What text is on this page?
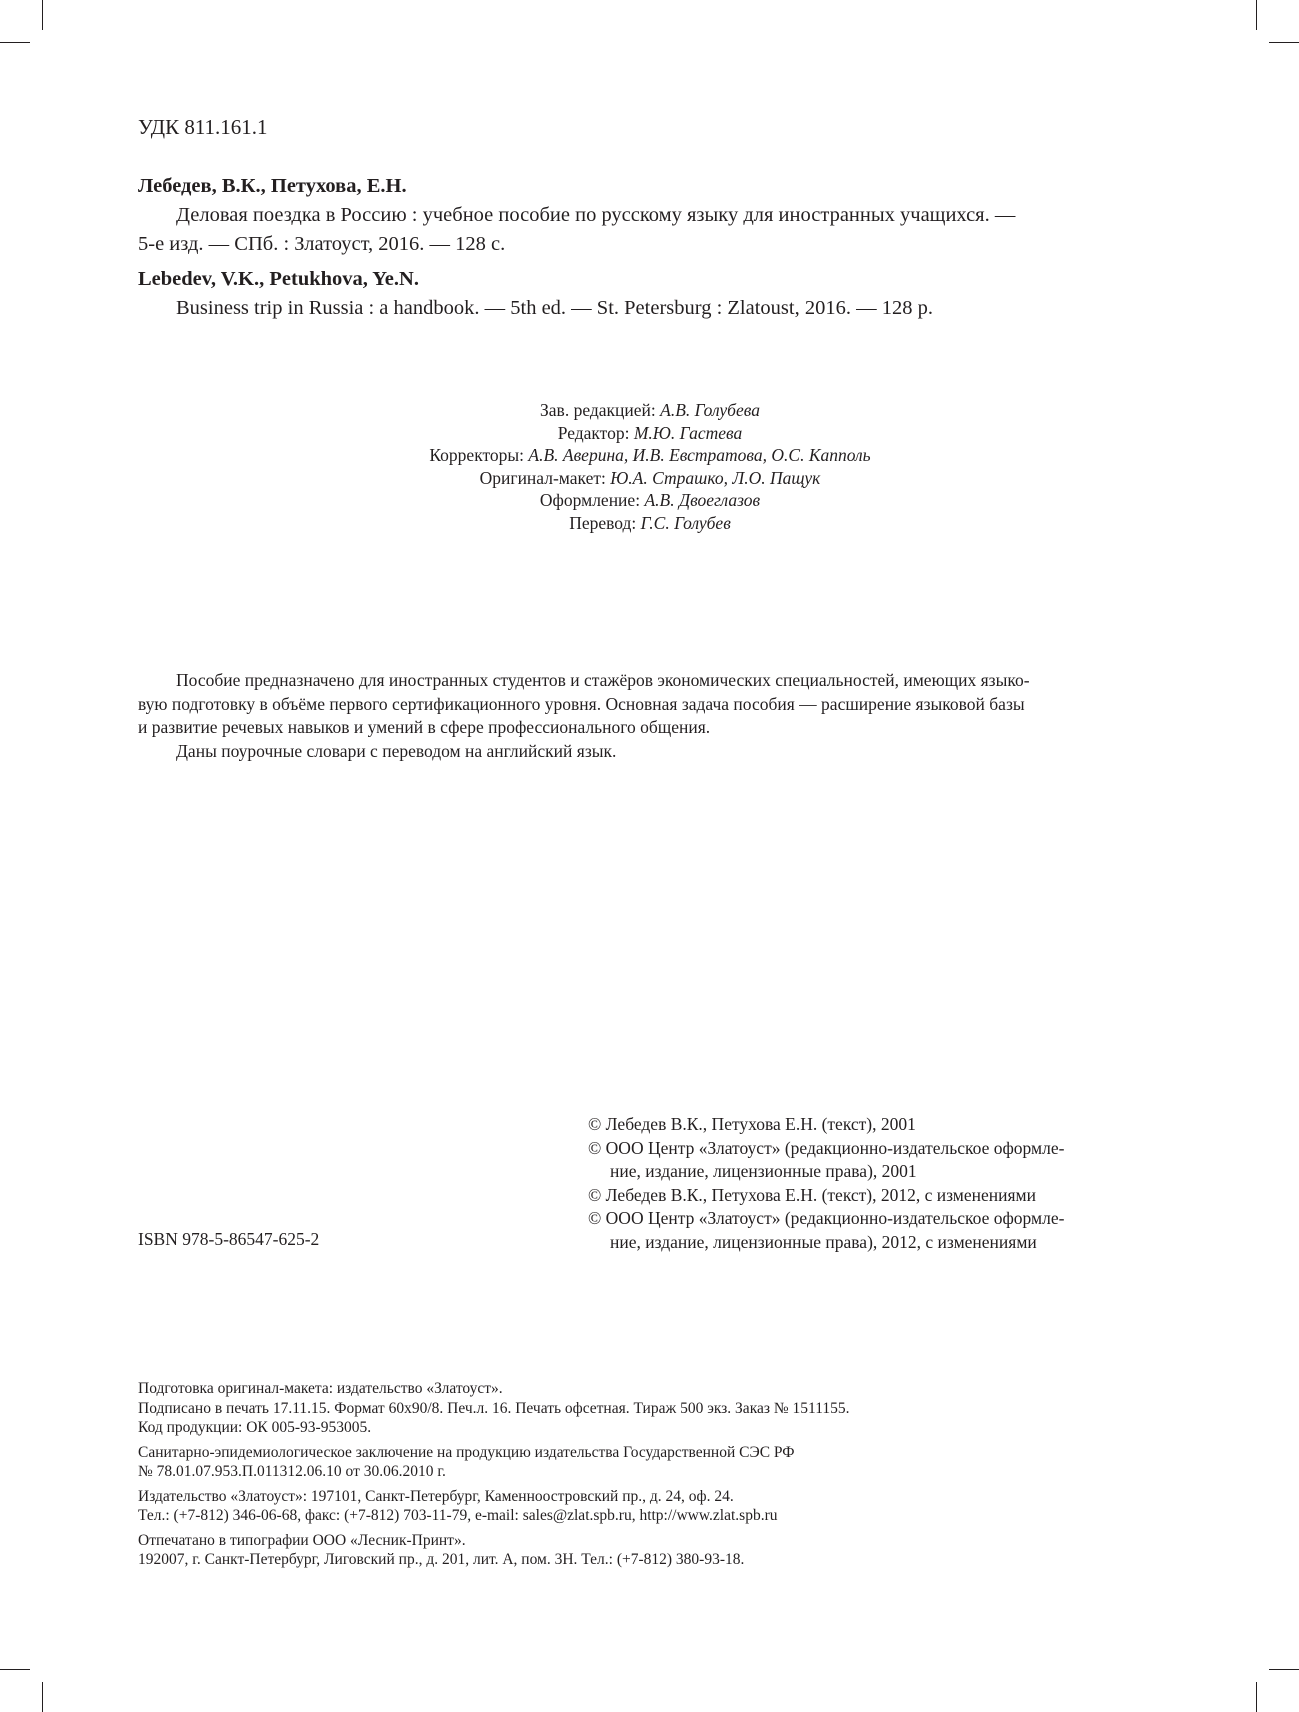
УДК 811.161.1
Лебедев, В.К., Петухова, Е.Н.
Деловая поездка в Россию : учебное пособие по русскому языку для иностранных учащихся. —
5-е изд. — СПб. : Златоуст, 2016. — 128 с.
Lebedev, V.K., Petukhova, Ye.N.
Business trip in Russia : a handbook. — 5th ed. — St. Petersburg : Zlatoust, 2016. — 128 p.
Зав. редакцией: А.В. Голубева
Редактор: М.Ю. Гастева
Корректоры: А.В. Аверина, И.В. Евстратова, О.С. Капполь
Оригинал-макет: Ю.А. Страшко, Л.О. Пащук
Оформление: А.В. Двоеглазов
Перевод: Г.С. Голубев
Пособие предназначено для иностранных студентов и стажёров экономических специальностей, имеющих языко-
вую подготовку в объёме первого сертификационного уровня. Основная задача пособия — расширение языковой базы
и развитие речевых навыков и умений в сфере профессионального общения.
Даны поурочные словари с переводом на английский язык.
© Лебедев В.К., Петухова Е.Н. (текст), 2001
© ООО Центр «Златоуст» (редакционно-издательское оформле-
ние, издание, лицензионные права), 2001
© Лебедев В.К., Петухова Е.Н. (текст), 2012, с изменениями
© ООО Центр «Златоуст» (редакционно-издательское оформле-
ние, издание, лицензионные права), 2012, с изменениями
ISBN 978-5-86547-625-2

Подготовка оригинал-макета: издательство «Златоуст».
Подписано в печать 17.11.15. Формат 60х90/8. Печ.л. 16. Печать офсетная. Тираж 500 экз. Заказ № 1511155.
Код продукции: ОК 005-93-953005.

Санитарно-эпидемиологическое заключение на продукцию издательства Государственной СЭС РФ
№ 78.01.07.953.П.011312.06.10 от 30.06.2010 г.

Издательство «Златоуст»: 197101, Санкт-Петербург, Каменноостровский пр., д. 24, оф. 24.
Тел.: (+7-812) 346-06-68, факс: (+7-812) 703-11-79, e-mail: sales@zlat.spb.ru, http://www.zlat.spb.ru

Отпечатано в типографии ООО «Лесник-Принт».
192007, г. Санкт-Петербург, Лиговский пр., д. 201, лит. А, пом. 3Н. Тел.: (+7-812) 380-93-18.
